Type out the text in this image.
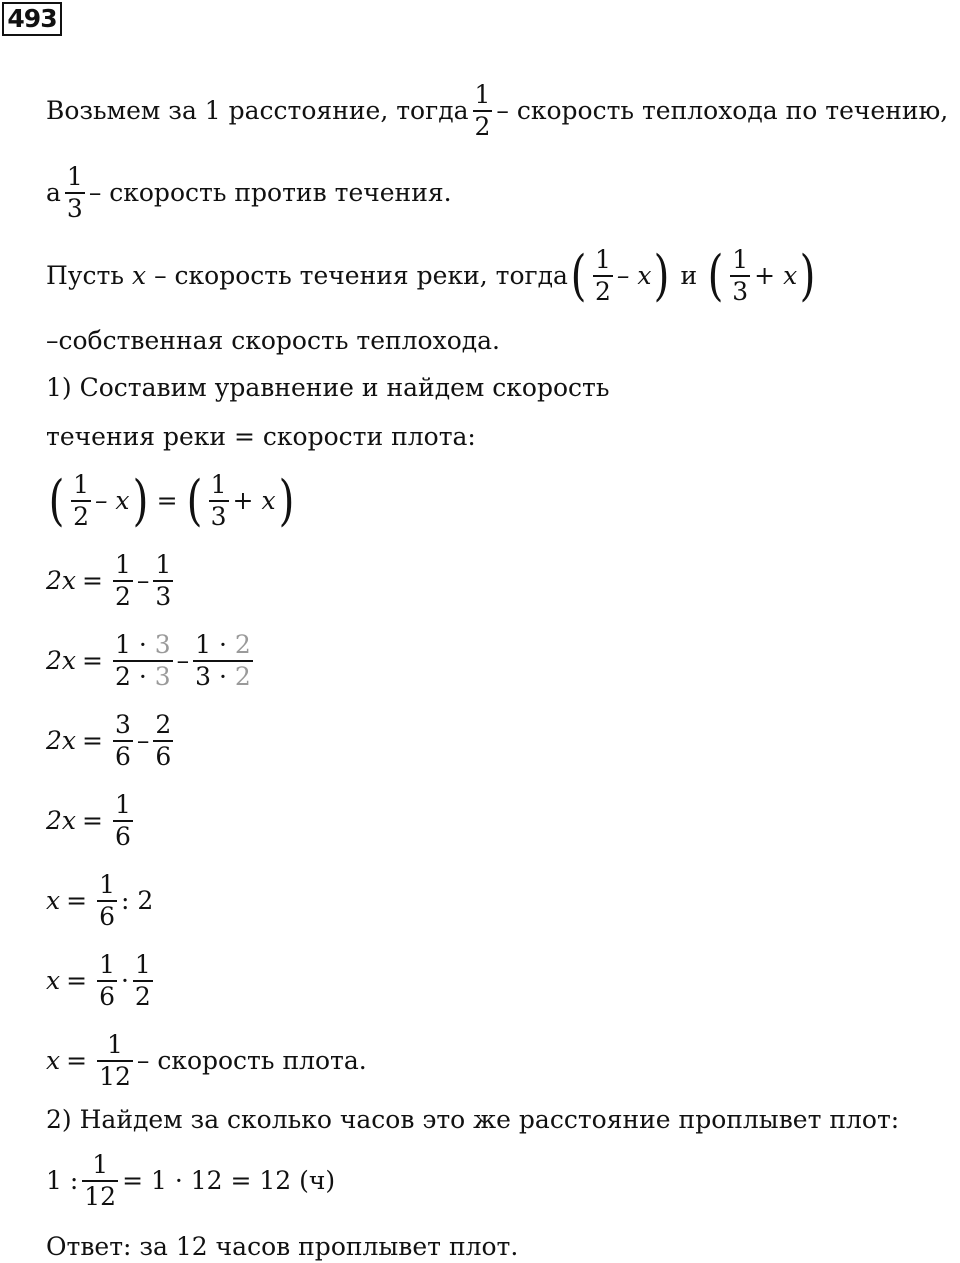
493
Возьмем за 1 расстояние, тогда $\frac{1}{2}$ – скорость теплохода по течению,
а $\frac{1}{3}$ – скорость против течения.
Пусть x – скорость течения реки, тогда ( $\frac{1}{2}$ – x ) и ( $\frac{1}{3} + x$ )
–собственная скорость теплохода.
1) Составим уравнение и найдем скорость
течения реки = скорости плота:
( $\frac{1}{2}$ – x ) = ( $\frac{1}{3} + x$ )
$2x = \frac{1}{2} - \frac{1}{3}$
$2x = \frac{1 \cdot 3}{2 \cdot 3} - \frac{1 \cdot 2}{3 \cdot 2}$
$2x = \frac{3}{6} - \frac{2}{6}$
$2x = \frac{1}{6}$
$x = \frac{1}{6}$ : 2
$x = \frac{1}{6} \cdot \frac{1}{2}$
$x = \frac{1}{12}$ – скорость плота.
2) Найдем за сколько часов это же расстояние проплывет плот:
1 : $\frac{1}{12} = 1 \cdot 12 = 12$ (ч)
Ответ: за 12 часов проплывет плот.
